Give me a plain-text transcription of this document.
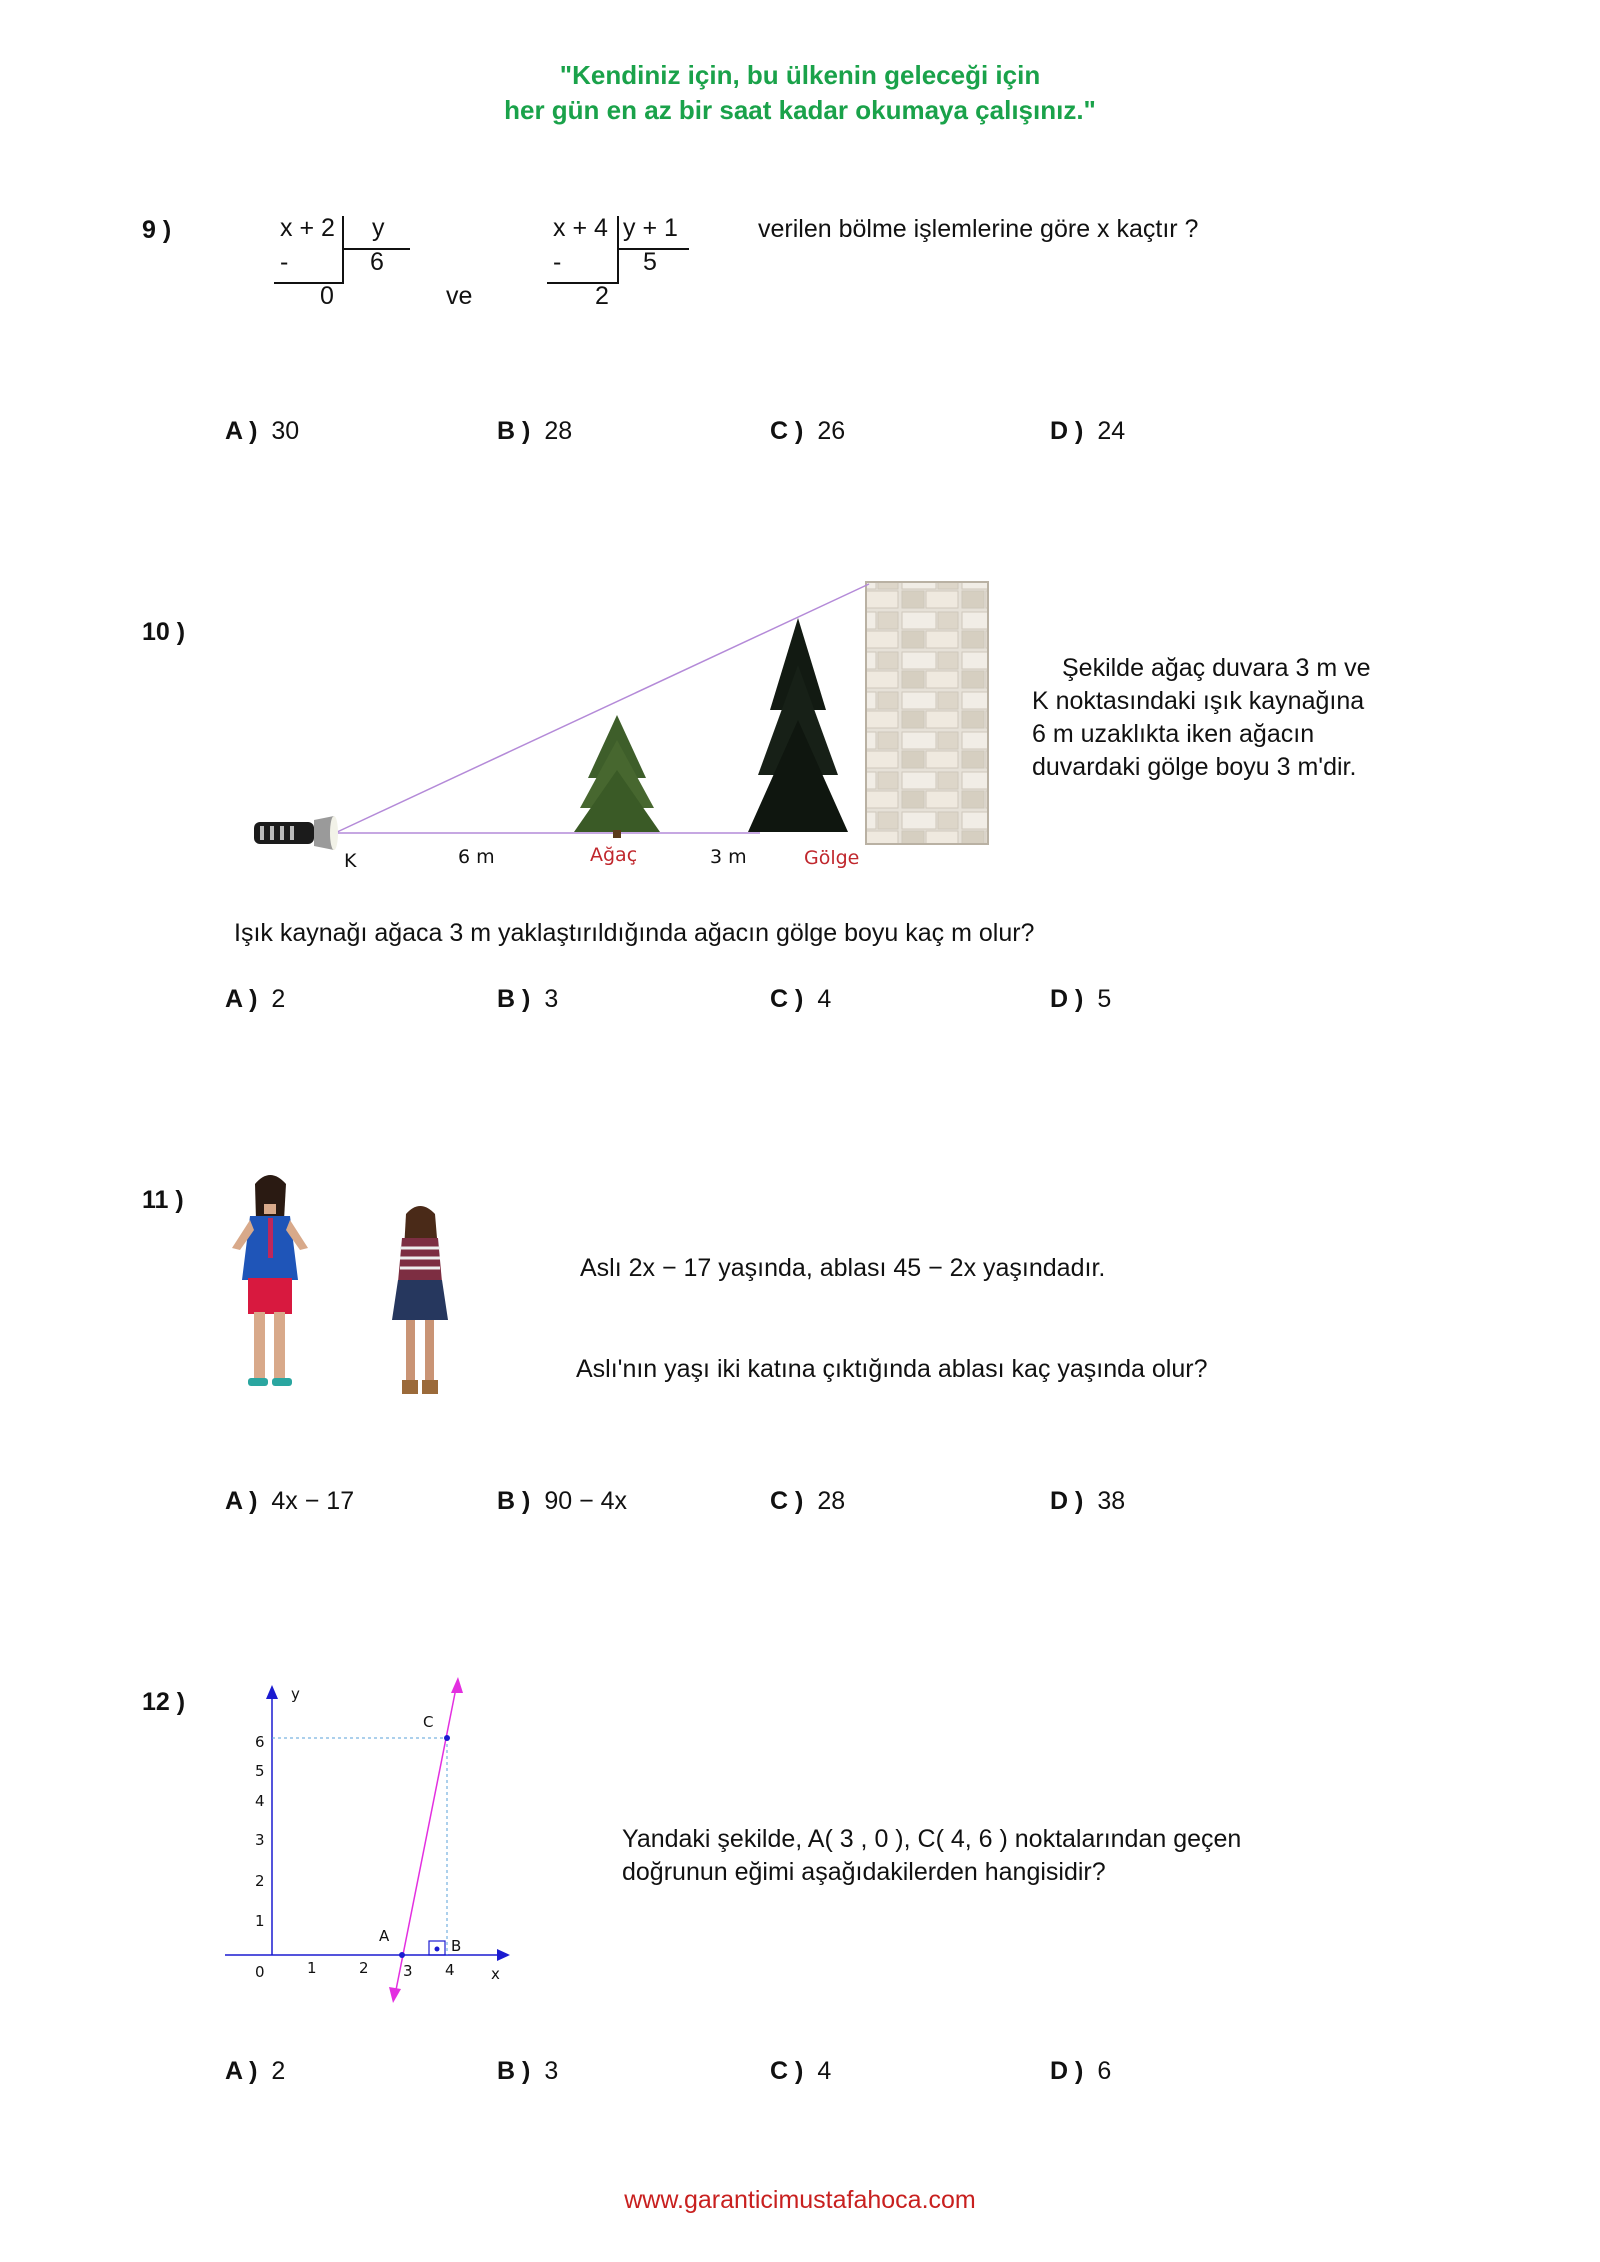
"Kendiniz için, bu ülkenin geleceği için
her gün en az bir saat kadar okumaya çalışınız."
9 )	x + 2 y
-	6
0	ve
x + 4 y + 1
-	5
2
verilen bölme işlemlerine göre x kaçtır ?
A ) 30	B ) 28	C ) 26	D ) 24
10 )
K	6 m	Ağaç	3 m	Gölge
Şekilde ağaç duvara 3 m ve
K noktasındaki ışık kaynağına
6 m uzaklıkta iken ağacın
duvardaki gölge boyu 3 m'dir.
Işık kaynağı ağaca 3 m yaklaştırıldığında ağacın gölge boyu kaç m olur?
A ) 2	B ) 3	C ) 4	D ) 5
11 )
Aslı 2x − 17 yaşında, ablası 45 − 2x yaşındadır.
Aslı'nın yaşı iki katına çıktığında ablası kaç yaşında olur?
A ) 4x − 17	B ) 90 − 4x	C ) 28	D ) 38
12 )
A
B
C
y
x
1
2
3
4
5
6
0	1	2 3 4
Yandaki şekilde, A( 3 , 0 ), C( 4, 6 ) noktalarından geçen
doğrunun eğimi aşağıdakilerden hangisidir?
A ) 2	B ) 3	C ) 4	D ) 6
www.garanticimustafahoca.com
